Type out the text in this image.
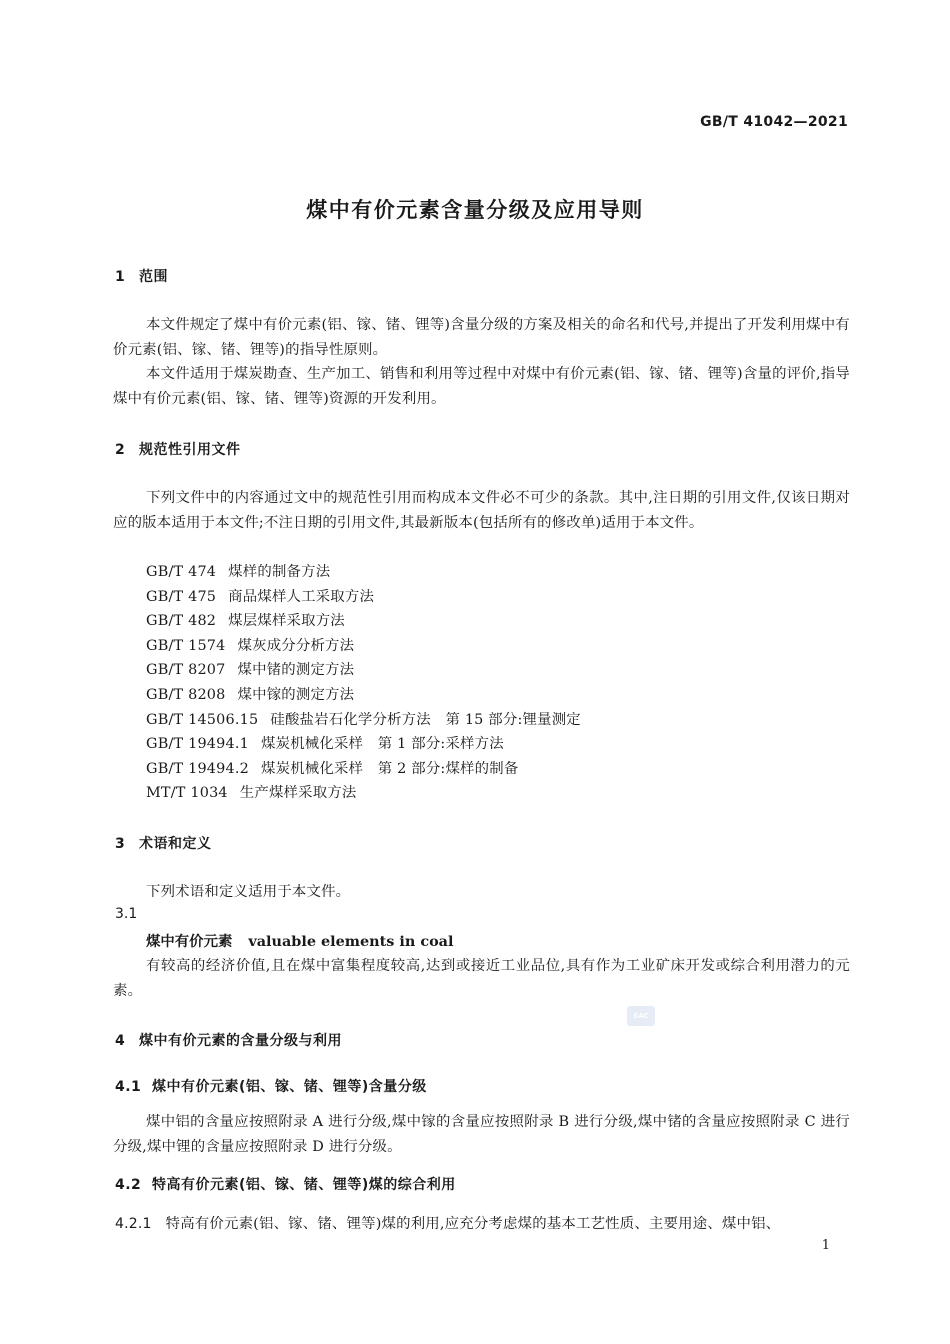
GB/T 41042—2021
煤中有价元素含量分级及应用导则
1 范围
本文件规定了煤中有价元素(铝、镓、锗、锂等)含量分级的方案及相关的命名和代号,并提出了开发利用煤中有价元素(铝、镓、锗、锂等)的指导性原则。
本文件适用于煤炭勘查、生产加工、销售和利用等过程中对煤中有价元素(铝、镓、锗、锂等)含量的评价,指导煤中有价元素(铝、镓、锗、锂等)资源的开发利用。
2 规范性引用文件
下列文件中的内容通过文中的规范性引用而构成本文件必不可少的条款。其中,注日期的引用文件,仅该日期对应的版本适用于本文件;不注日期的引用文件,其最新版本(包括所有的修改单)适用于本文件。
GB/T 474 煤样的制备方法
GB/T 475 商品煤样人工采取方法
GB/T 482 煤层煤样采取方法
GB/T 1574 煤灰成分分析方法
GB/T 8207 煤中锗的测定方法
GB/T 8208 煤中镓的测定方法
GB/T 14506.15 硅酸盐岩石化学分析方法　第 15 部分:锂量测定
GB/T 19494.1 煤炭机械化采样　第 1 部分:采样方法
GB/T 19494.2 煤炭机械化采样　第 2 部分:煤样的制备
MT/T 1034 生产煤样采取方法
3 术语和定义
下列术语和定义适用于本文件。
3.1
煤中有价元素 valuable elements in coal
有较高的经济价值,且在煤中富集程度较高,达到或接近工业品位,具有作为工业矿床开发或综合利用潜力的元素。
SAC
4 煤中有价元素的含量分级与利用
4.1 煤中有价元素(铝、镓、锗、锂等)含量分级
煤中铝的含量应按照附录 A 进行分级,煤中镓的含量应按照附录 B 进行分级,煤中锗的含量应按照附录 C 进行分级,煤中锂的含量应按照附录 D 进行分级。
4.2 特高有价元素(铝、镓、锗、锂等)煤的综合利用
4.2.1 特高有价元素(铝、镓、锗、锂等)煤的利用,应充分考虑煤的基本工艺性质、主要用途、煤中铝、
1
